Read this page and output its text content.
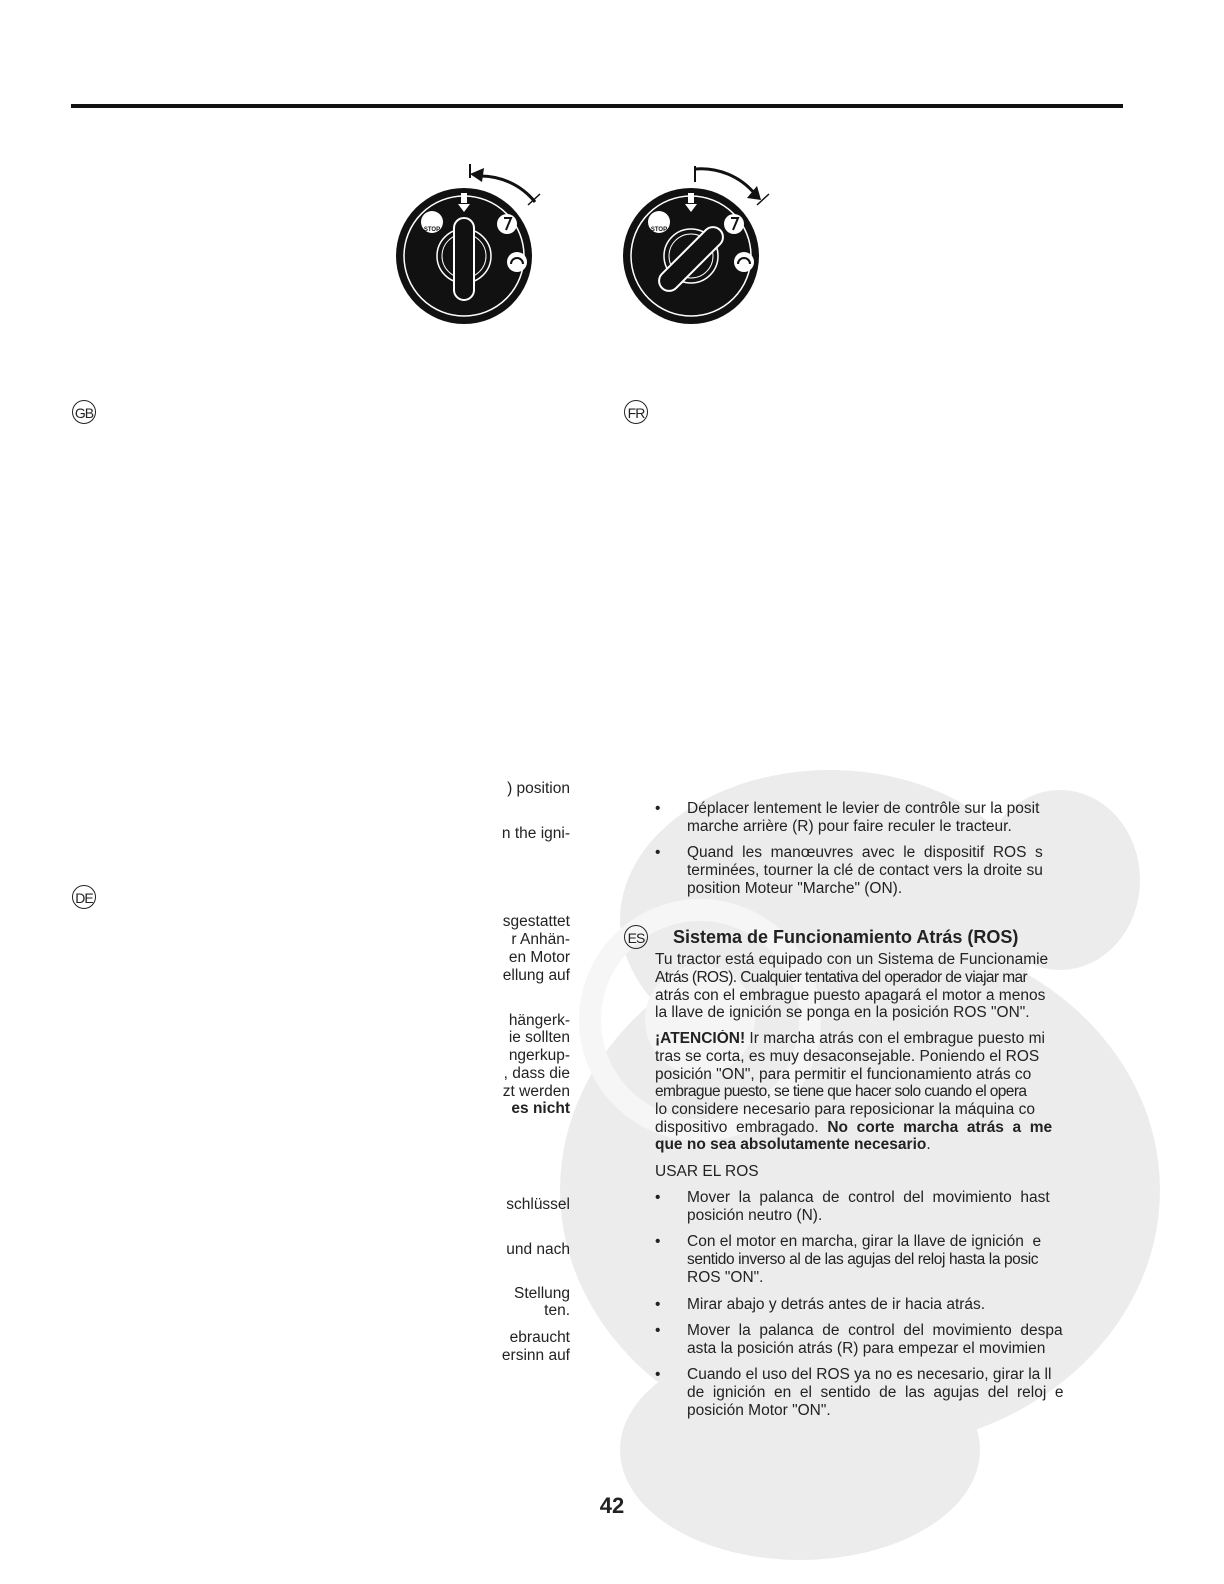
STOP	STOP
GB	FR
DE
ES
) position
n the igni-
sgestattet
r Anhän-
en Motor
ellung auf
hängerk-
ie sollten
ngerkup-
, dass die
zt werden
es nicht
schlüssel
und nach
Stellung
ten.
ebraucht
ersinn auf
• Déplacer lentement le levier de contrôle sur la posit
marche arrière (R) pour faire reculer le tracteur.
• Quand  les  manœuvres  avec  le  dispositif  ROS  s
terminées, tourner la clé de contact vers la droite su
position Moteur "Marche" (ON).
Sistema de Funcionamiento Atrás (ROS)
Tu tractor está equipado con un Sistema de Funcionamie
Atrás (ROS). Cualquier tentativa del operador de viajar mar
atrás con el embrague puesto apagará el motor a menos
la llave de ignición se ponga en la posición ROS "ON".
¡ATENCIÓN! Ir marcha atrás con el embrague puesto mi
tras se corta, es muy desaconsejable. Poniendo el ROS
posición "ON", para permitir el funcionamiento atrás co
embrague puesto, se tiene que hacer solo cuando el opera
lo considere necesario para reposicionar la máquina co
dispositivo  embragado.  No  corte  marcha  atrás  a  me
que no sea absolutamente necesario.
USAR EL ROS
• Mover  la  palanca  de  control  del  movimiento  hast
posición neutro (N).
• Con el motor en marcha, girar la llave de ignición  e
sentido inverso al de las agujas del reloj hasta la posic
ROS "ON".
• Mirar abajo y detrás antes de ir hacia atrás.
• Mover  la  palanca  de  control  del  movimiento  despa
asta la posición atrás (R) para empezar el movimien
• Cuando el uso del ROS ya no es necesario, girar la ll
de  ignición  en  el  sentido  de  las  agujas  del  reloj  e
posición Motor "ON".
42
